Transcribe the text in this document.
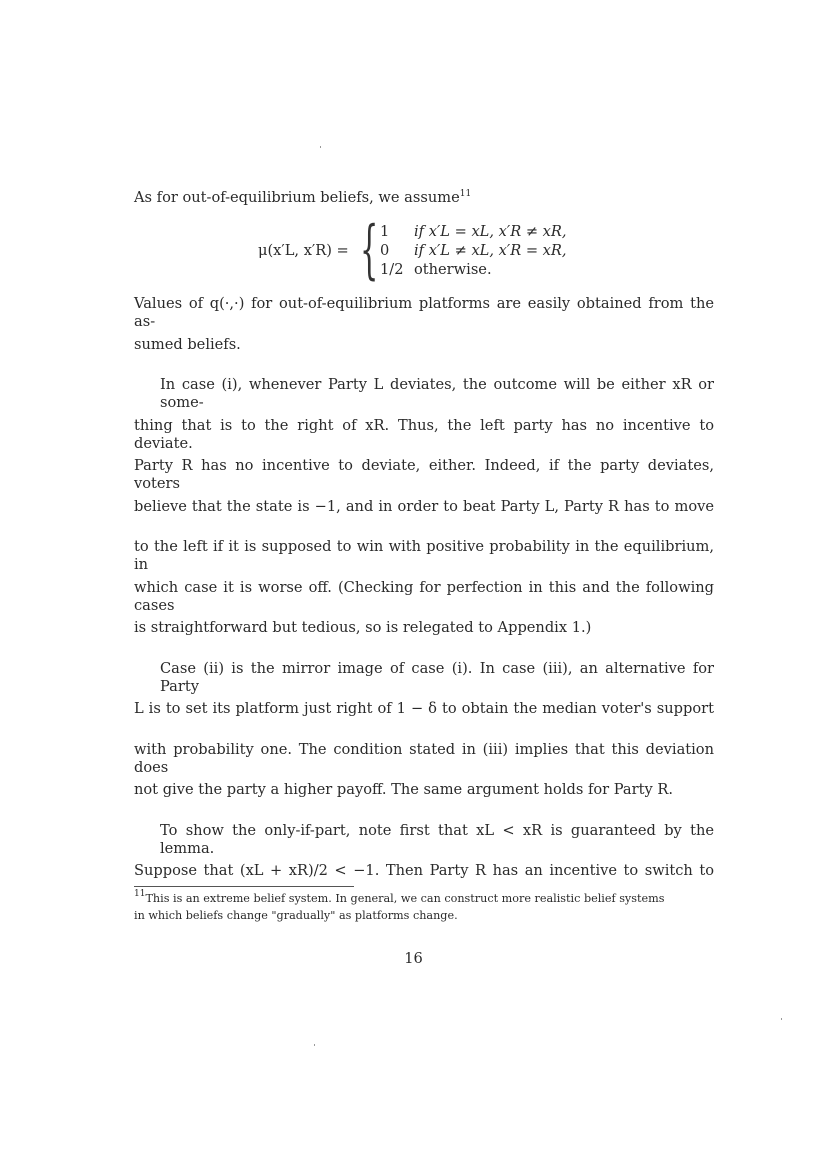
As for out-of-equilibrium beliefs, we assume$^{11}$
μ(x′L, x′R) = { 1 if x′L = xL, x′R ≠ xR,
0 if x′L ≠ xL, x′R = xR,
1/2 otherwise.
Values of q(·,·) for out-of-equilibrium platforms are easily obtained from the as-
sumed beliefs.
In case (i), whenever Party L deviates, the outcome will be either xR or some-
thing that is to the right of xR. Thus, the left party has no incentive to deviate.
Party R has no incentive to deviate, either. Indeed, if the party deviates, voters
believe that the state is −1, and in order to beat Party L, Party R has to move
to the left if it is supposed to win with positive probability in the equilibrium, in
which case it is worse off. (Checking for perfection in this and the following cases
is straightforward but tedious, so is relegated to Appendix 1.)
Case (ii) is the mirror image of case (i). In case (iii), an alternative for Party
L is to set its platform just right of 1 − δ to obtain the median voter's support
with probability one. The condition stated in (iii) implies that this deviation does
not give the party a higher payoff. The same argument holds for Party R.
To show the only-if-part, note first that xL < xR is guaranteed by the lemma.
Suppose that (xL + xR)/2 < −1. Then Party R has an incentive to switch to
$^{11}$This is an extreme belief system. In general, we can construct more realistic belief systems
in which beliefs change "gradually" as platforms change.
16
